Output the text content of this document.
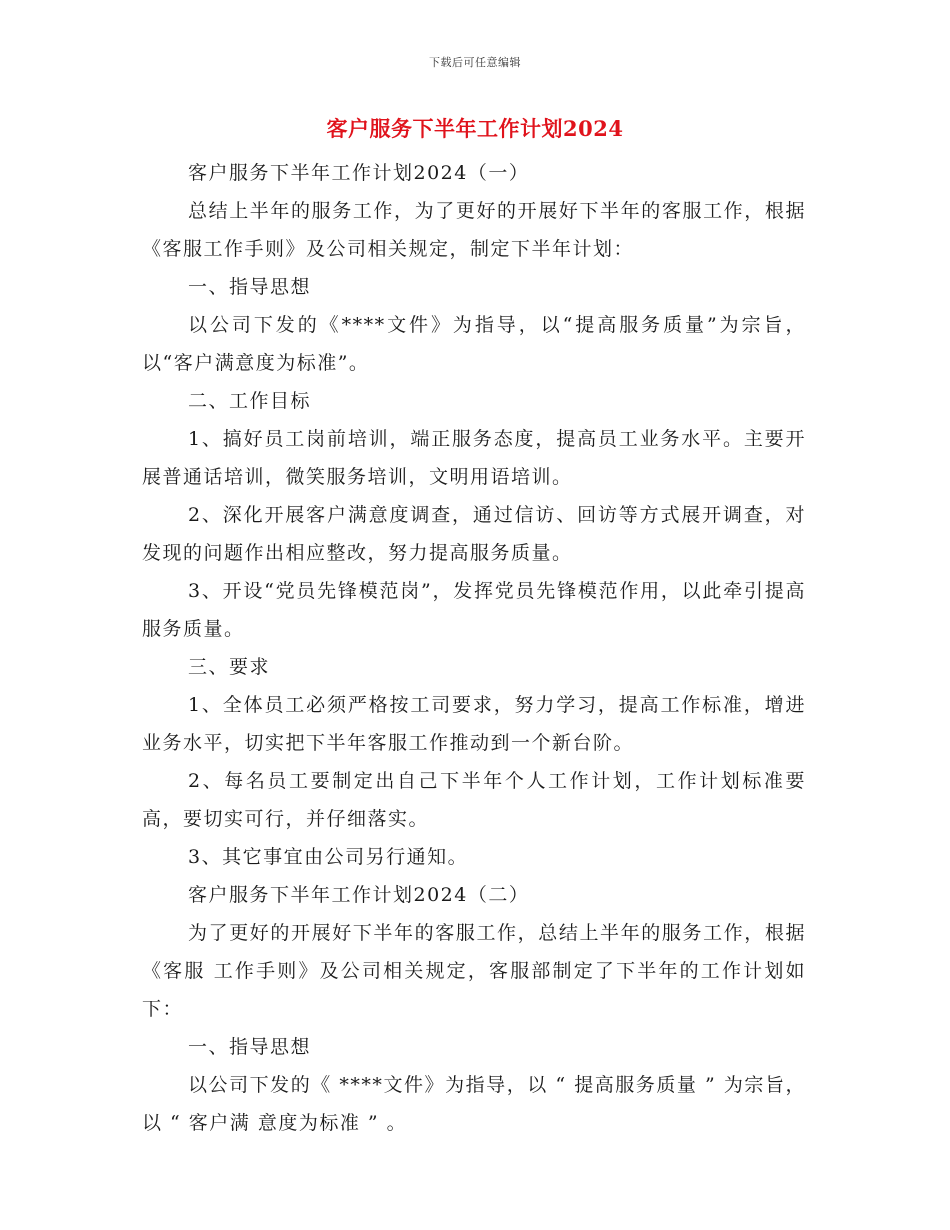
下载后可任意编辑
客户服务下半年工作计划2024

客户服务下半年工作计划2024（一）

总结上半年的服务工作，为了更好的开展好下半年的客服工作，根据《客服工作手则》及公司相关规定，制定下半年计划：

一、指导思想

以公司下发的《****文件》为指导，以“提高服务质量”为宗旨，以“客户满意度为标准”。

二、工作目标

1、搞好员工岗前培训，端正服务态度，提高员工业务水平。主要开展普通话培训，微笑服务培训，文明用语培训。

2、深化开展客户满意度调查，通过信访、回访等方式展开调查，对发现的问题作出相应整改，努力提高服务质量。

3、开设“党员先锋模范岗”，发挥党员先锋模范作用，以此牵引提高服务质量。

三、要求

1、全体员工必须严格按工司要求，努力学习，提高工作标准，增进业务水平，切实把下半年客服工作推动到一个新台阶。

2、每名员工要制定出自己下半年个人工作计划，工作计划标准要高，要切实可行，并仔细落实。

3、其它事宜由公司另行通知。

客户服务下半年工作计划2024（二）

为了更好的开展好下半年的客服工作，总结上半年的服务工作，根据《客服 工作手则》及公司相关规定，客服部制定了下半年的工作计划如下：

一、指导思想

以公司下发的《 ****文件》为指导，以 “ 提高服务质量 ” 为宗旨，以 “ 客户满 意度为标准 ” 。
